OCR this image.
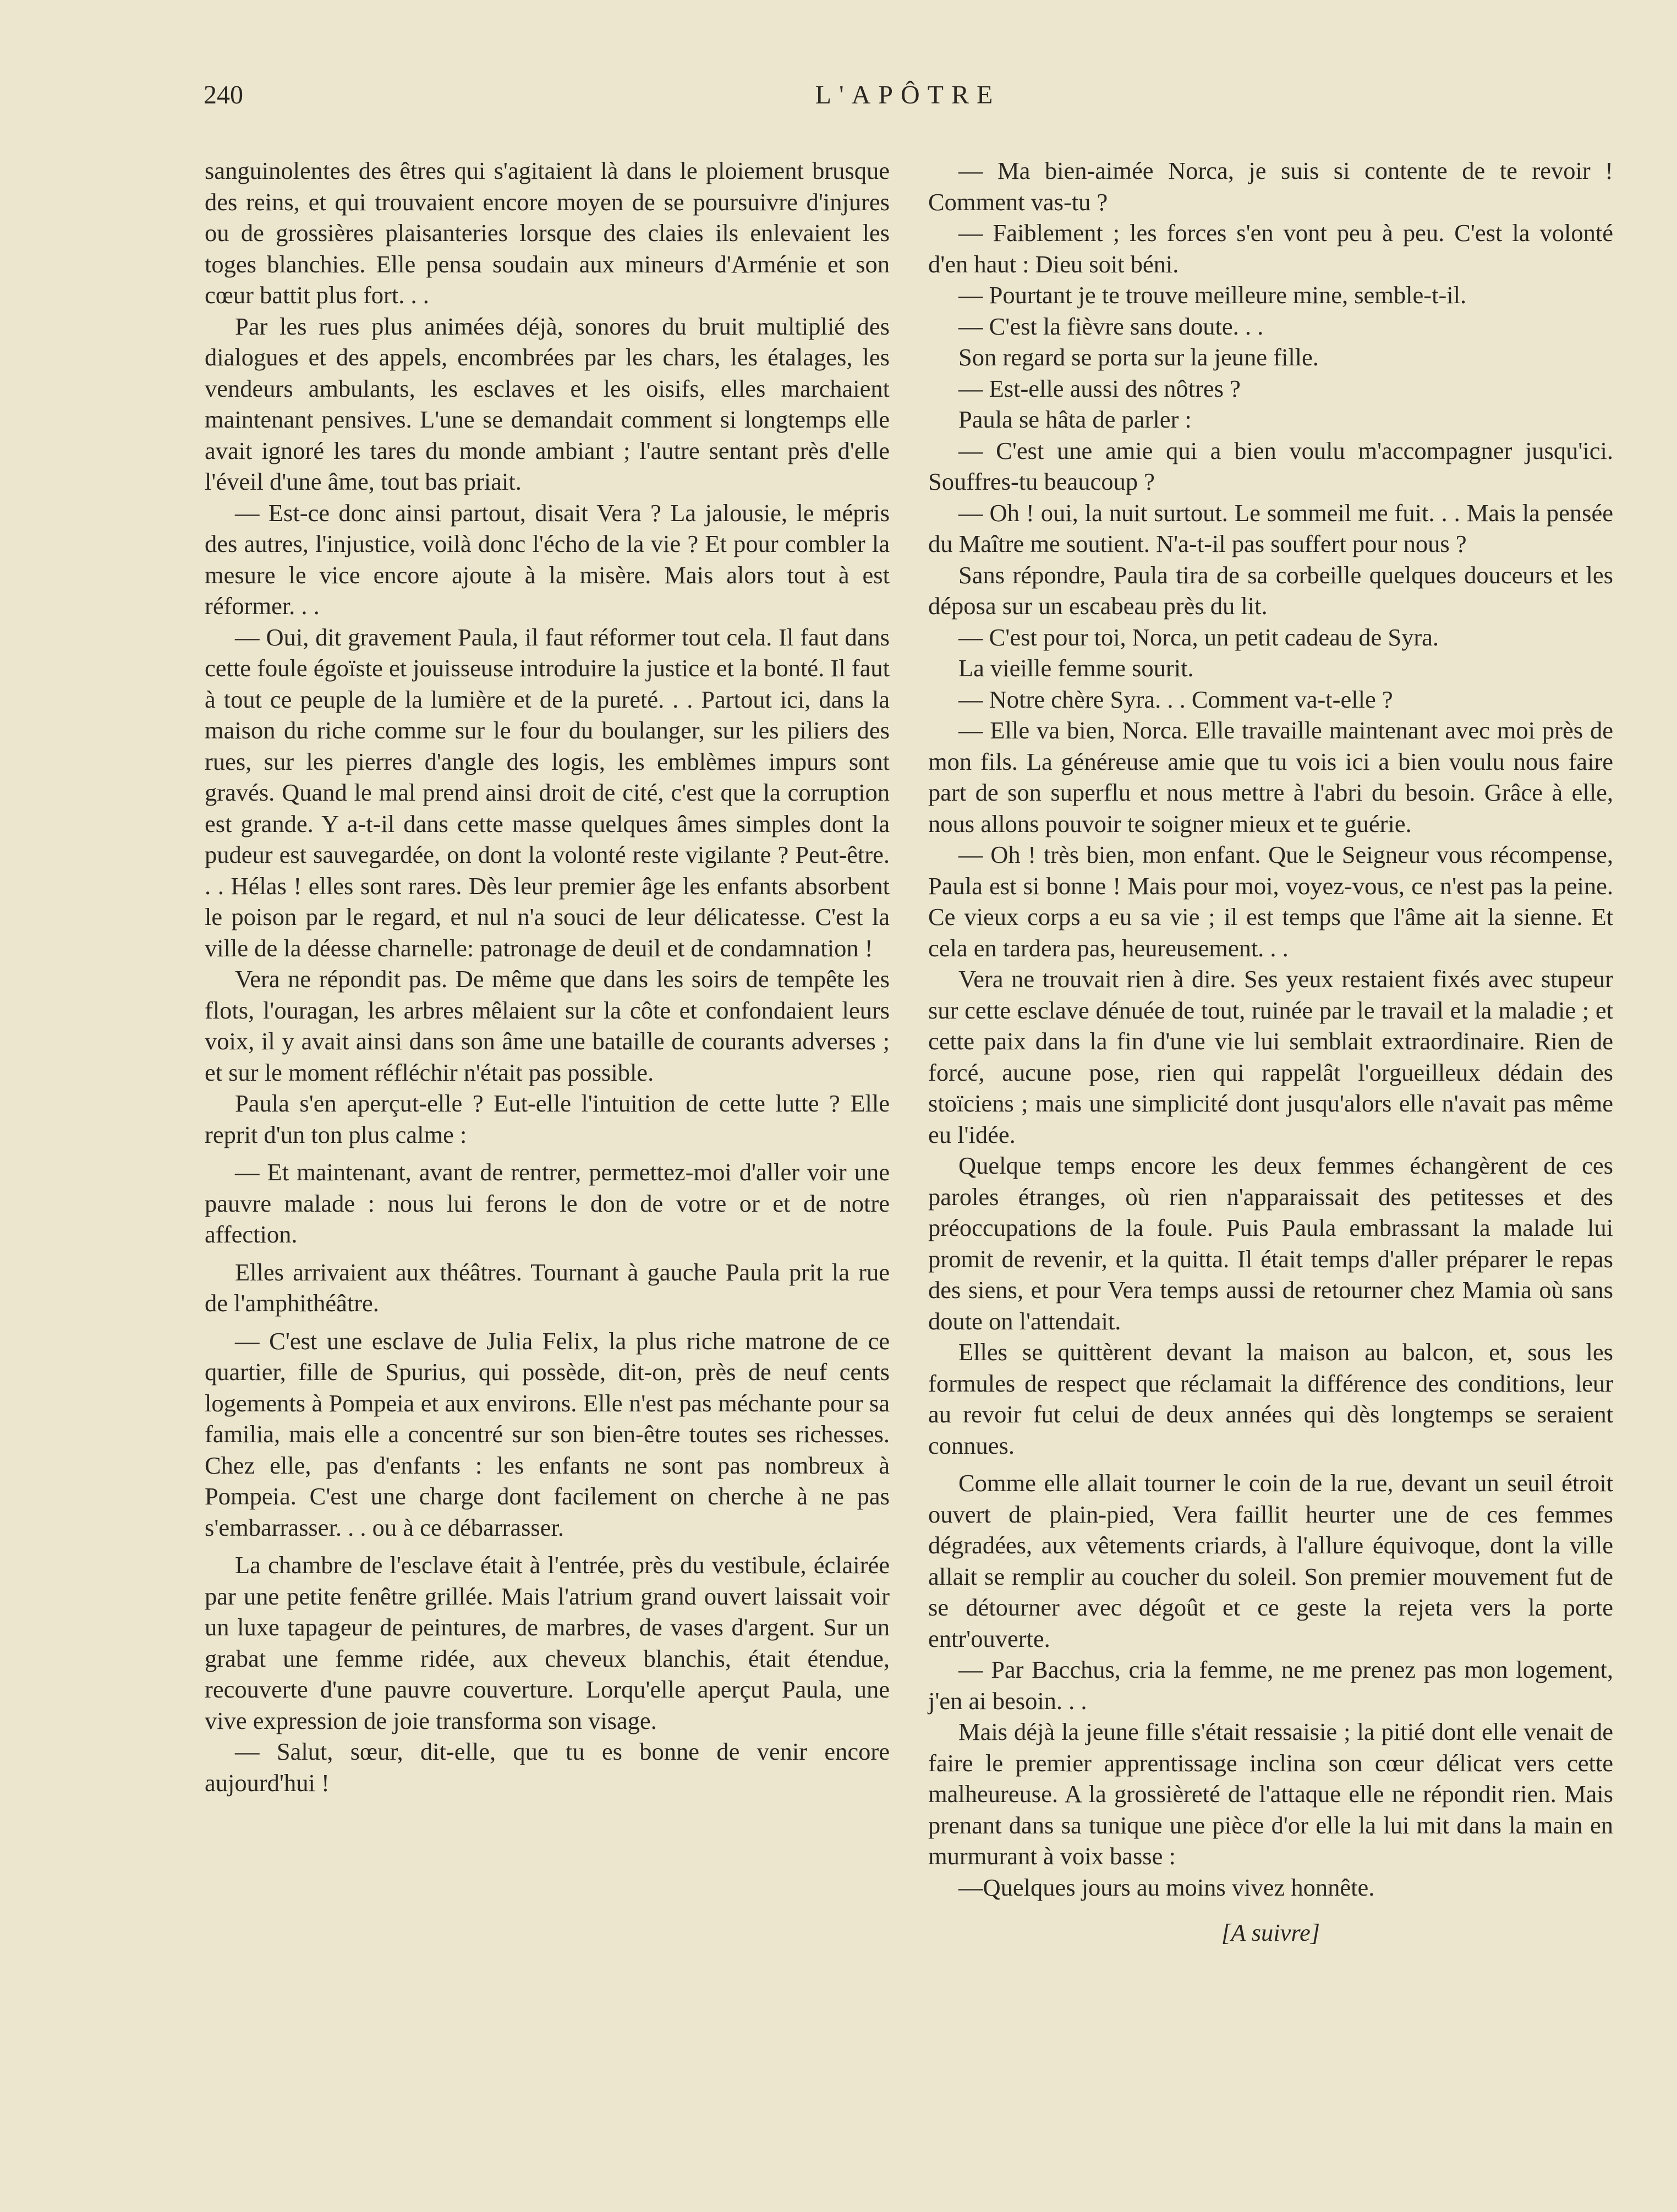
240	L'APÔTRE

sanguinolentes des êtres qui s'agitaient là dans le ploiement brusque des reins, et qui trouvaient encore moyen de se poursuivre d'injures ou de grossières plaisanteries lorsque des claies ils enlevaient les toges blanchies. Elle pensa soudain aux mineurs d'Arménie et son cœur battit plus fort. . .

Par les rues plus animées déjà, sonores du bruit multiplié des dialogues et des appels, encombrées par les chars, les étalages, les vendeurs ambulants, les esclaves et les oisifs, elles marchaient maintenant pensives. L'une se demandait comment si longtemps elle avait ignoré les tares du monde ambiant ; l'autre sentant près d'elle l'éveil d'une âme, tout bas priait.

— Est-ce donc ainsi partout, disait Vera ? La jalousie, le mépris des autres, l'injustice, voilà donc l'écho de la vie ? Et pour combler la mesure le vice encore ajoute à la misère. Mais alors tout à est réformer. . .

— Oui, dit gravement Paula, il faut réformer tout cela. Il faut dans cette foule égoïste et jouisseuse introduire la justice et la bonté. Il faut à tout ce peuple de la lumière et de la pureté. . . Partout ici, dans la maison du riche comme sur le four du boulanger, sur les piliers des rues, sur les pierres d'angle des logis, les emblèmes impurs sont gravés. Quand le mal prend ainsi droit de cité, c'est que la corruption est grande. Y a-t-il dans cette masse quelques âmes simples dont la pudeur est sauvegardée, on dont la volonté reste vigilante ? Peut-être. . . Hélas ! elles sont rares. Dès leur premier âge les enfants absorbent le poison par le regard, et nul n'a souci de leur délicatesse. C'est la ville de la déesse charnelle: patronage de deuil et de condamnation !

Vera ne répondit pas. De même que dans les soirs de tempête les flots, l'ouragan, les arbres mêlaient sur la côte et confondaient leurs voix, il y avait ainsi dans son âme une bataille de courants adverses ; et sur le moment réfléchir n'était pas possible.

Paula s'en aperçut-elle ? Eut-elle l'intuition de cette lutte ? Elle reprit d'un ton plus calme :

— Et maintenant, avant de rentrer, permettez-moi d'aller voir une pauvre malade : nous lui ferons le don de votre or et de notre affection.

Elles arrivaient aux théâtres. Tournant à gauche Paula prit la rue de l'amphithéâtre.

— C'est une esclave de Julia Felix, la plus riche matrone de ce quartier, fille de Spurius, qui possède, dit-on, près de neuf cents logements à Pompeia et aux environs. Elle n'est pas méchante pour sa familia, mais elle a concentré sur son bien-être toutes ses richesses. Chez elle, pas d'enfants : les enfants ne sont pas nombreux à Pompeia. C'est une charge dont facilement on cherche à ne pas s'embarrasser. . . ou à ce débarrasser.

La chambre de l'esclave était à l'entrée, près du vestibule, éclairée par une petite fenêtre grillée. Mais l'atrium grand ouvert laissait voir un luxe tapageur de peintures, de marbres, de vases d'argent. Sur un grabat une femme ridée, aux cheveux blanchis, était étendue, recouverte d'une pauvre couverture. Lorqu'elle aperçut Paula, une vive expression de joie transforma son visage.

— Salut, sœur, dit-elle, que tu es bonne de venir encore aujourd'hui !

— Ma bien-aimée Norca, je suis si contente de te revoir ! Comment vas-tu ?

— Faiblement ; les forces s'en vont peu à peu. C'est la volonté d'en haut : Dieu soit béni.

— Pourtant je te trouve meilleure mine, semble-t-il.

— C'est la fièvre sans doute. . .

Son regard se porta sur la jeune fille.

— Est-elle aussi des nôtres ?

Paula se hâta de parler :

— C'est une amie qui a bien voulu m'accompagner jusqu'ici. Souffres-tu beaucoup ?

— Oh ! oui, la nuit surtout. Le sommeil me fuit. . . Mais la pensée du Maître me soutient. N'a-t-il pas souffert pour nous ?

Sans répondre, Paula tira de sa corbeille quelques douceurs et les déposa sur un escabeau près du lit.

— C'est pour toi, Norca, un petit cadeau de Syra.

La vieille femme sourit.

— Notre chère Syra. . . Comment va-t-elle ?

— Elle va bien, Norca. Elle travaille maintenant avec moi près de mon fils. La généreuse amie que tu vois ici a bien voulu nous faire part de son superflu et nous mettre à l'abri du besoin. Grâce à elle, nous allons pouvoir te soigner mieux et te guérie.

— Oh ! très bien, mon enfant. Que le Seigneur vous récompense, Paula est si bonne ! Mais pour moi, voyez-vous, ce n'est pas la peine. Ce vieux corps a eu sa vie ; il est temps que l'âme ait la sienne. Et cela en tardera pas, heureusement. . .

Vera ne trouvait rien à dire. Ses yeux restaient fixés avec stupeur sur cette esclave dénuée de tout, ruinée par le travail et la maladie ; et cette paix dans la fin d'une vie lui semblait extraordinaire. Rien de forcé, aucune pose, rien qui rappelât l'orgueilleux dédain des stoïciens ; mais une simplicité dont jusqu'alors elle n'avait pas même eu l'idée.

Quelque temps encore les deux femmes échangèrent de ces paroles étranges, où rien n'apparaissait des petitesses et des préoccupations de la foule. Puis Paula embrassant la malade lui promit de revenir, et la quitta. Il était temps d'aller préparer le repas des siens, et pour Vera temps aussi de retourner chez Mamia où sans doute on l'attendait.

Elles se quittèrent devant la maison au balcon, et, sous les formules de respect que réclamait la différence des conditions, leur au revoir fut celui de deux années qui dès longtemps se seraient connues.

Comme elle allait tourner le coin de la rue, devant un seuil étroit ouvert de plain-pied, Vera faillit heurter une de ces femmes dégradées, aux vêtements criards, à l'allure équivoque, dont la ville allait se remplir au coucher du soleil. Son premier mouvement fut de se détourner avec dégoût et ce geste la rejeta vers la porte entr'ouverte.

— Par Bacchus, cria la femme, ne me prenez pas mon logement, j'en ai besoin. . .

Mais déjà la jeune fille s'était ressaisie ; la pitié dont elle venait de faire le premier apprentissage inclina son cœur délicat vers cette malheureuse. A la grossièreté de l'attaque elle ne répondit rien. Mais prenant dans sa tunique une pièce d'or elle la lui mit dans la main en murmurant à voix basse :

—Quelques jours au moins vivez honnête.

[A suivre]
